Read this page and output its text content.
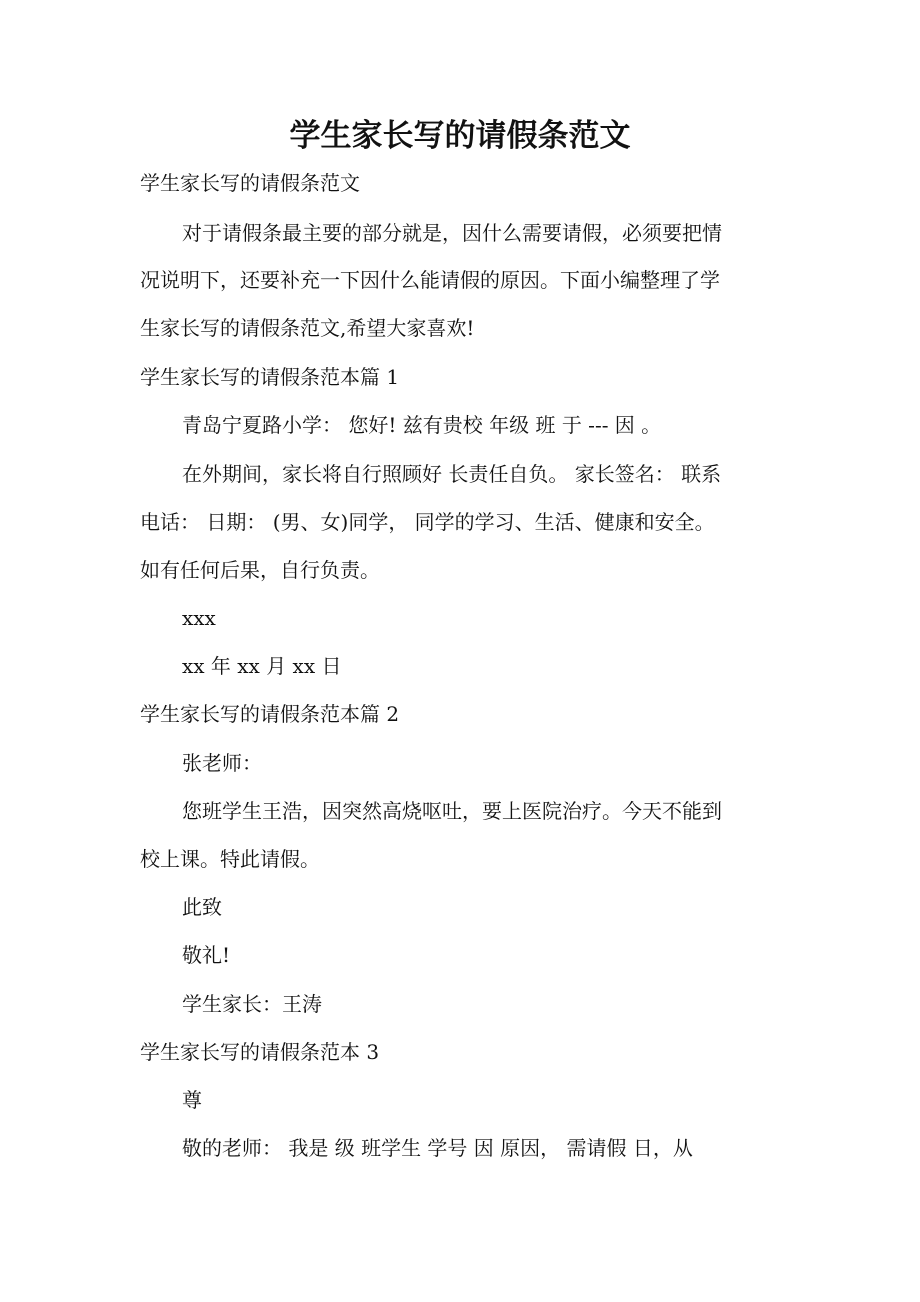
学生家长写的请假条范文
学生家长写的请假条范文
对于请假条最主要的部分就是，因什么需要请假，必须要把情
况说明下，还要补充一下因什么能请假的原因。下面小编整理了学
生家长写的请假条范文,希望大家喜欢!
学生家长写的请假条范本篇 1
青岛宁夏路小学： 您好! 兹有贵校 年级 班 于 --- 因 。
在外期间，家长将自行照顾好 长责任自负。 家长签名： 联系
电话： 日期： (男、女)同学， 同学的学习、生活、健康和安全。
如有任何后果，自行负责。
xxx
xx 年 xx 月 xx 日
学生家长写的请假条范本篇 2
张老师：
您班学生王浩，因突然高烧呕吐，要上医院治疗。今天不能到
校上课。特此请假。
此致
敬礼!
学生家长：王涛
学生家长写的请假条范本 3
尊
敬的老师： 我是 级 班学生 学号 因 原因， 需请假 日，从
